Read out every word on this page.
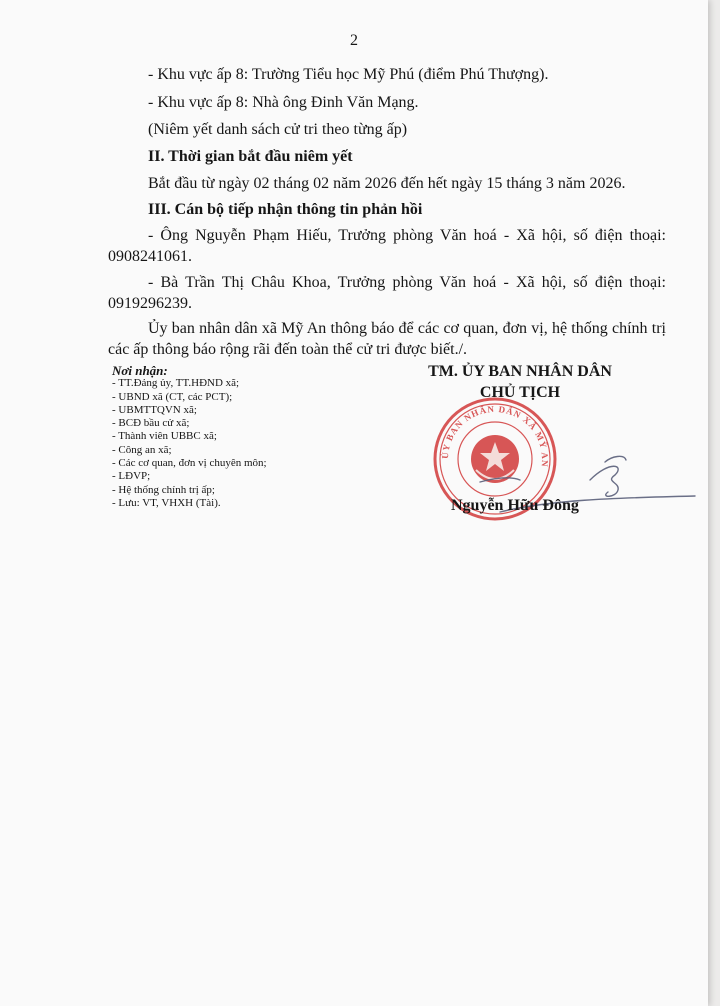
2
- Khu vực ấp 8: Trường Tiểu học Mỹ Phú (điểm Phú Thượng).
- Khu vực ấp 8: Nhà ông Đinh Văn Mạng.
(Niêm yết danh sách cử tri theo từng ấp)
II. Thời gian bắt đầu niêm yết
Bắt đầu từ ngày 02 tháng 02 năm 2026 đến hết ngày 15 tháng 3 năm 2026.
III. Cán bộ tiếp nhận thông tin phản hồi
- Ông Nguyễn Phạm Hiếu, Trưởng phòng Văn hoá - Xã hội, số điện thoại:
0908241061.
- Bà Trần Thị Châu Khoa, Trưởng phòng Văn hoá - Xã hội, số điện thoại:
0919296239.
Ủy ban nhân dân xã Mỹ An thông báo để các cơ quan, đơn vị, hệ thống chính trị
các ấp thông báo rộng rãi đến toàn thể cử tri được biết./.
Nơi nhận:
- TT.Đảng ủy, TT.HĐND xã;
- UBND xã (CT, các PCT);
- UBMTTQVN xã;
- BCĐ bầu cử xã;
- Thành viên UBBC xã;
- Công an xã;
- Các cơ quan, đơn vị chuyên môn;
- LĐVP;
- Hệ thống chính trị ấp;
- Lưu: VT, VHXH (Tài).
TM. ỦY BAN NHÂN DÂN
CHỦ TỊCH
ỦY BAN NHÂN DÂN XÃ MỸ AN
Nguyễn Hữu Đông
